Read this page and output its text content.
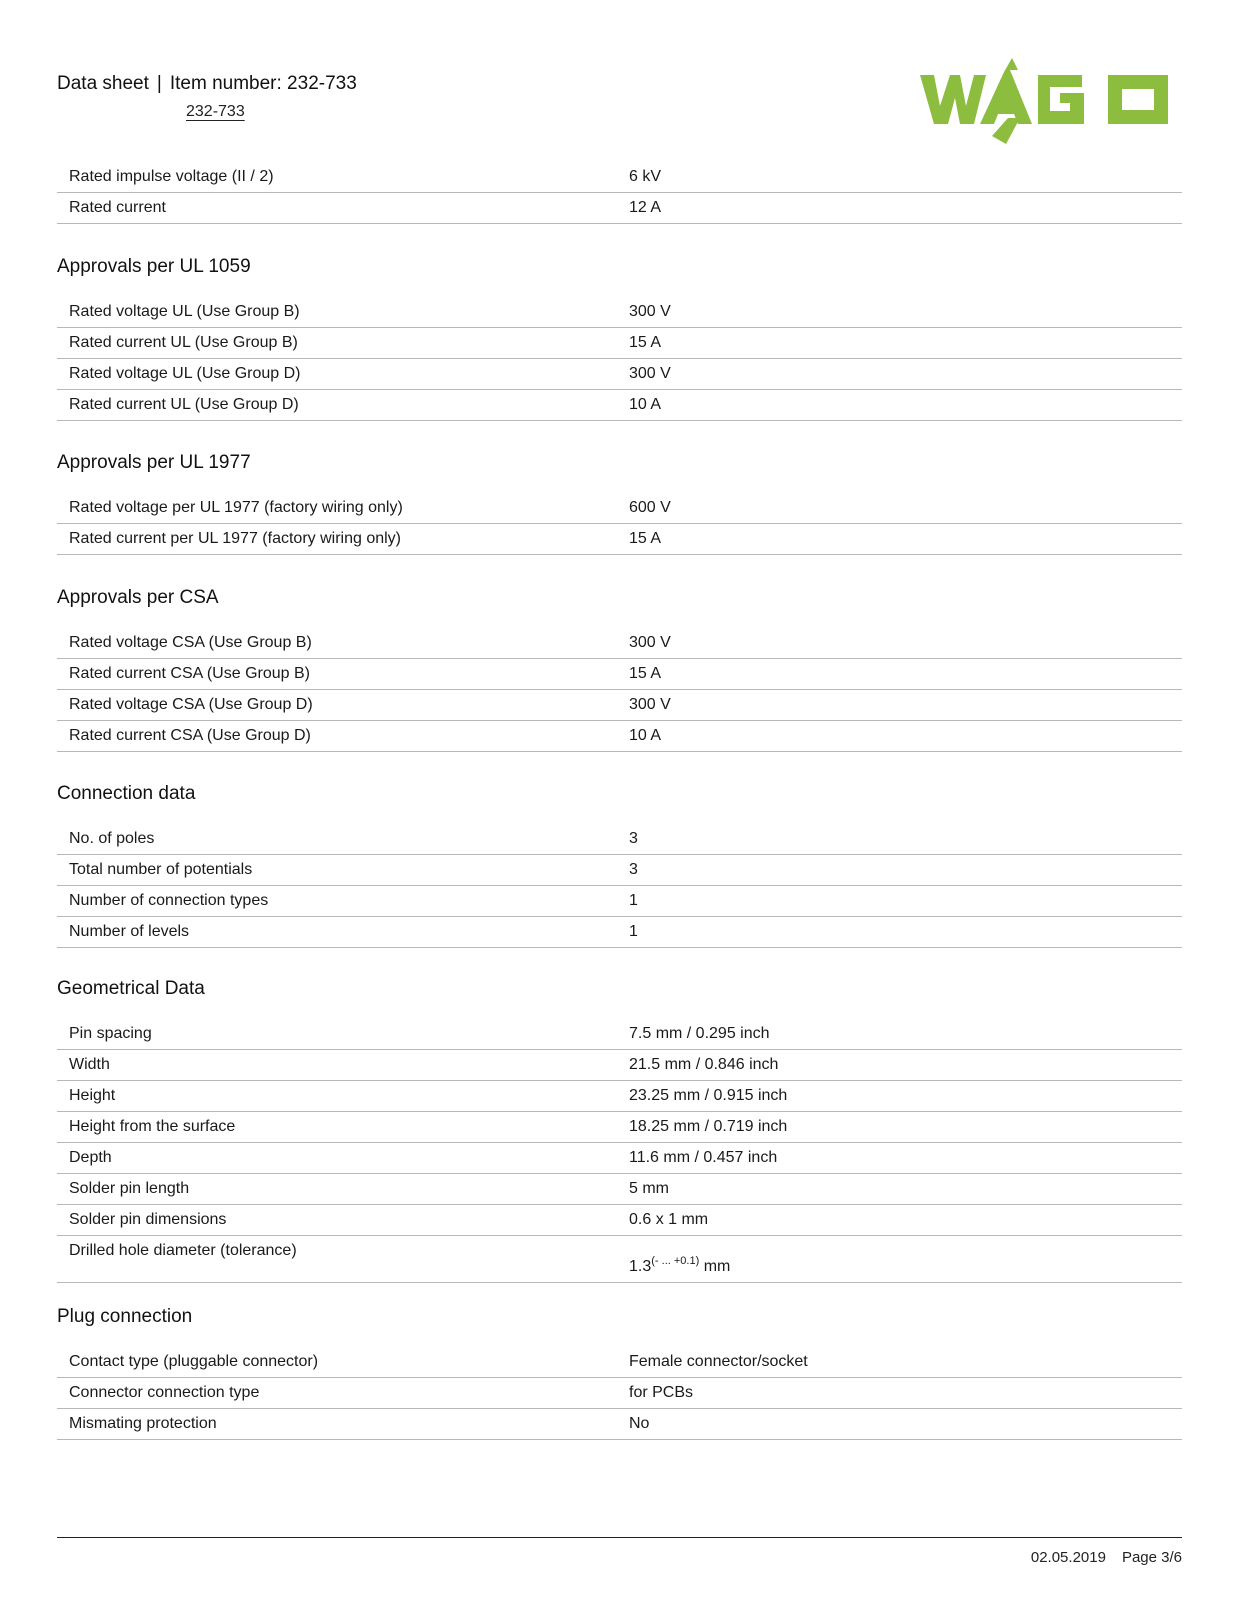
Data sheet | Item number: 232-733
232-733
Rated impulse voltage (II / 2)	6 kV
Rated current	12 A
Approvals per UL 1059
Rated voltage UL (Use Group B)	300 V
Rated current UL (Use Group B)	15 A
Rated voltage UL (Use Group D)	300 V
Rated current UL (Use Group D)	10 A
Approvals per UL 1977
Rated voltage per UL 1977 (factory wiring only)	600 V
Rated current per UL 1977 (factory wiring only)	15 A
Approvals per CSA
Rated voltage CSA (Use Group B)	300 V
Rated current CSA (Use Group B)	15 A
Rated voltage CSA (Use Group D)	300 V
Rated current CSA (Use Group D)	10 A
Connection data
No. of poles	3
Total number of potentials	3
Number of connection types	1
Number of levels	1
Geometrical Data
Pin spacing	7.5 mm / 0.295 inch
Width	21.5 mm / 0.846 inch
Height	23.25 mm / 0.915 inch
Height from the surface	18.25 mm / 0.719 inch
Depth	11.6 mm / 0.457 inch
Solder pin length	5 mm
Solder pin dimensions	0.6 x 1 mm
Drilled hole diameter (tolerance)	$1.3^{(- ... +0.1)}$ mm
Plug connection
Contact type (pluggable connector)	Female connector/socket
Connector connection type	for PCBs
Mismating protection	No
02.05.2019 Page 3/6
